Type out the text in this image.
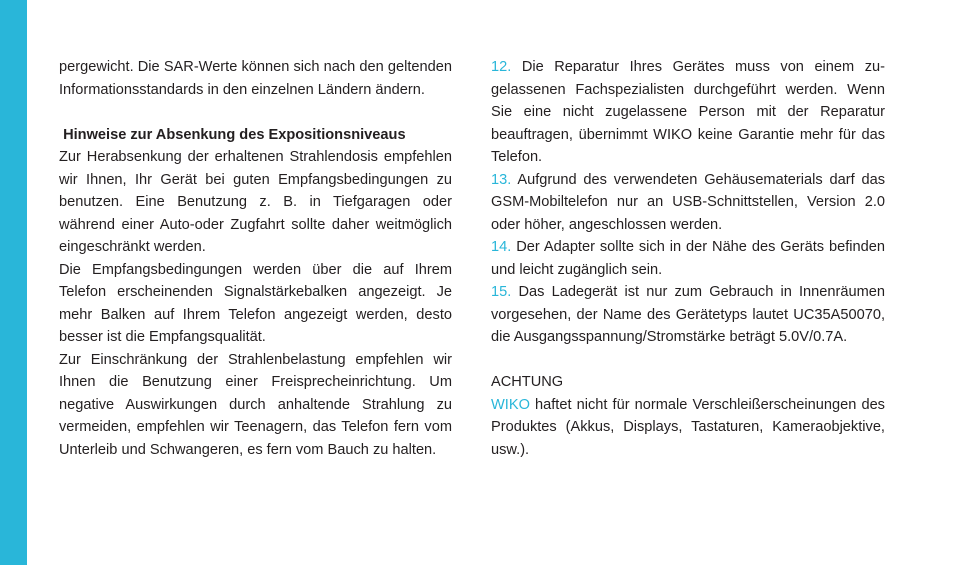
pergewicht. Die SAR-Werte können sich nach den geltenden Informationsstandards in den einzelnen Ländern ändern.

Hinweise zur Absenkung des Expositionsniveaus

Zur Herabsenkung der erhaltenen Strahlendosis empfehlen wir Ihnen, Ihr Gerät bei guten Empfangsbedingungen zu benutzen. Eine Benutzung z. B. in Tiefgaragen oder während einer Auto-oder Zugfahrt sollte daher weitmöglich eingeschränkt werden.

Die Empfangsbedingungen werden über die auf Ihrem Telefon erscheinenden Signalstärkebalken angezeigt. Je mehr Balken auf Ihrem Telefon angezeigt werden, desto besser ist die Empfangsqualität.

Zur Einschränkung der Strahlenbelastung empfehlen wir Ihnen die Benutzung einer Freisprecheinrichtung. Um negative Auswirkungen durch anhaltende Strahlung zu vermeiden, empfehlen wir Teenagern, das Telefon fern vom Unterleib und Schwangeren, es fern vom Bauch zu halten.

12. Die Reparatur Ihres Gerätes muss von einem zugelassenen Fachspezialisten durchgeführt werden. Wenn Sie eine nicht zugelassene Person mit der Reparatur beauftragen, übernimmt WIKO keine Garantie mehr für das Telefon.

13. Aufgrund des verwendeten Gehäusematerials darf das GSM-Mobiltelefon nur an USB-Schnittstellen, Version 2.0 oder höher, angeschlossen werden.

14. Der Adapter sollte sich in der Nähe des Geräts befinden und leicht zugänglich sein.

15. Das Ladegerät ist nur zum Gebrauch in Innenräumen vorgesehen, der Name des Gerätetyps lautet UC35A50070, die Ausgangsspannung/Stromstärke beträgt 5.0V/0.7A.

ACHTUNG

WIKO haftet nicht für normale Verschleißerscheinungen des Produktes (Akkus, Displays, Tastaturen, Kameraobjektive, usw.).
